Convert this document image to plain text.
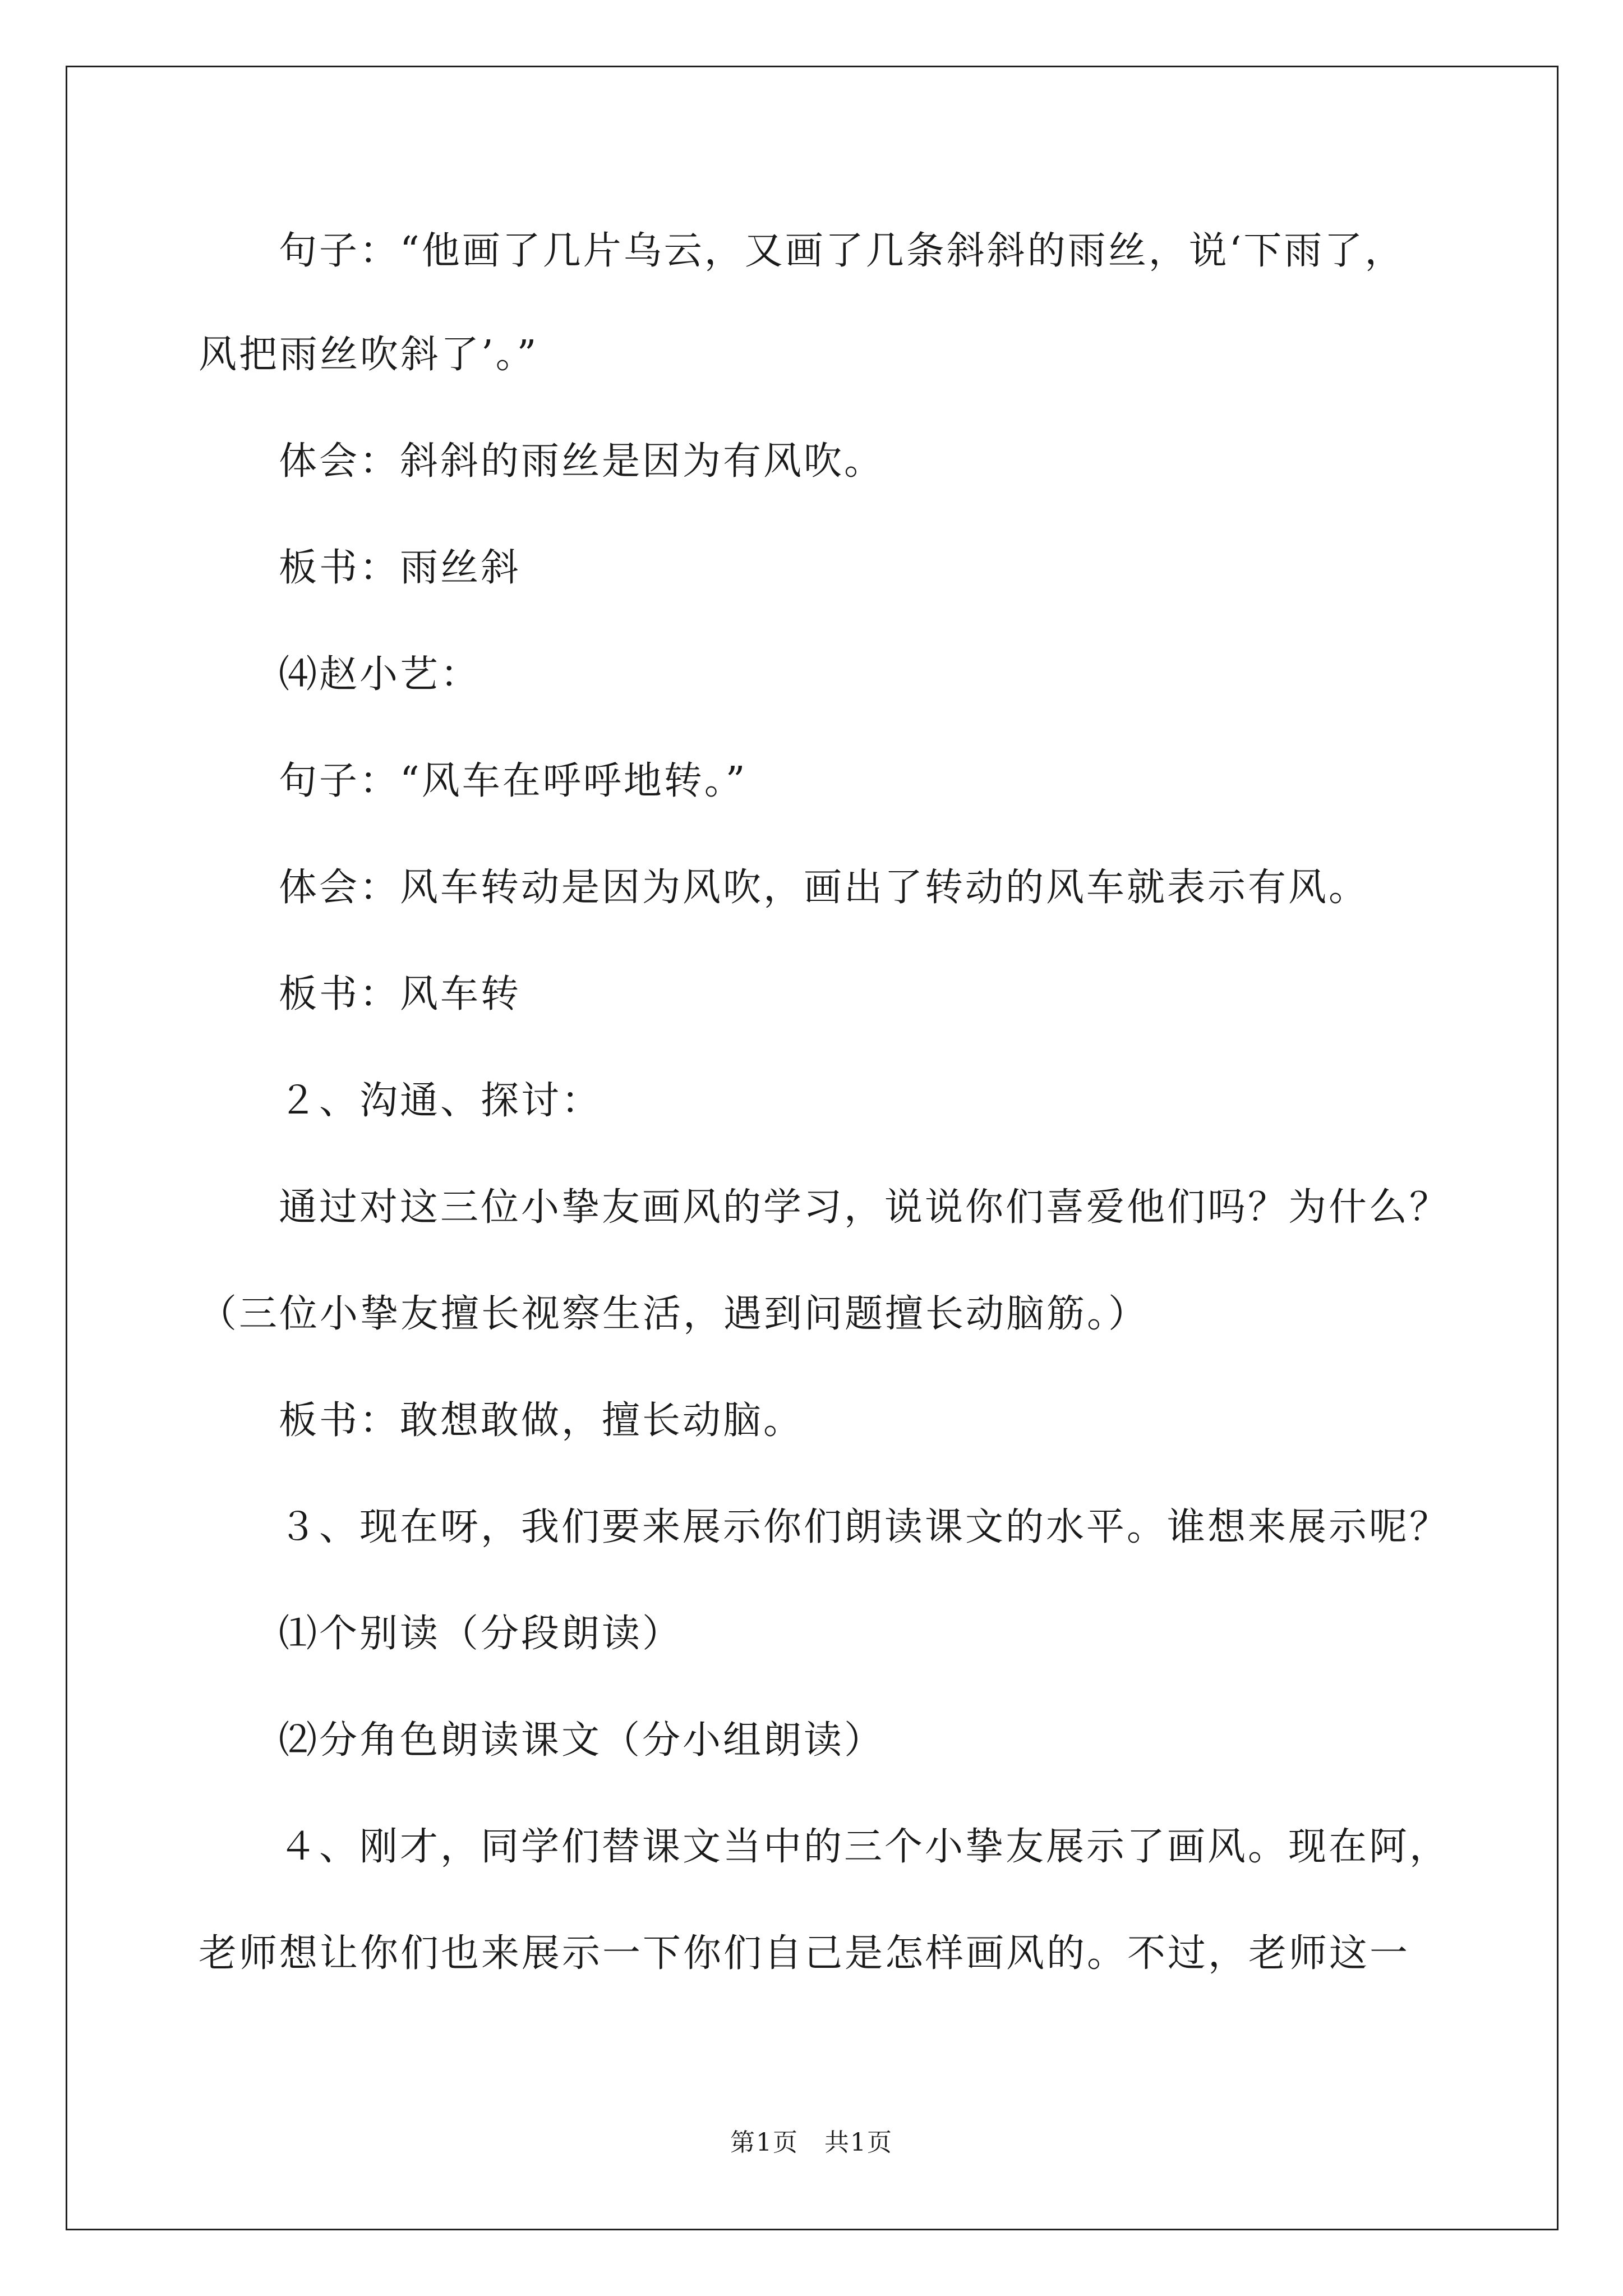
句子：“他画了几片乌云，又画了几条斜斜的雨丝，说‘下雨了，
风把雨丝吹斜了’。”
体会：斜斜的雨丝是因为有风吹。
板书：雨丝斜
⑷赵小艺：
句子：“风车在呼呼地转。”
体会：风车转动是因为风吹，画出了转动的风车就表示有风。
板书：风车转
２、沟通、探讨：
通过对这三位小挚友画风的学习，说说你们喜爱他们吗？为什么？
（三位小挚友擅长视察生活，遇到问题擅长动脑筋。）
板书：敢想敢做，擅长动脑。
３、现在呀，我们要来展示你们朗读课文的水平。谁想来展示呢？
⑴个别读（分段朗读）
⑵分角色朗读课文（分小组朗读）
４、刚才，同学们替课文当中的三个小挚友展示了画风。现在阿，
老师想让你们也来展示一下你们自己是怎样画风的。不过，老师这一
第1页　共1页
